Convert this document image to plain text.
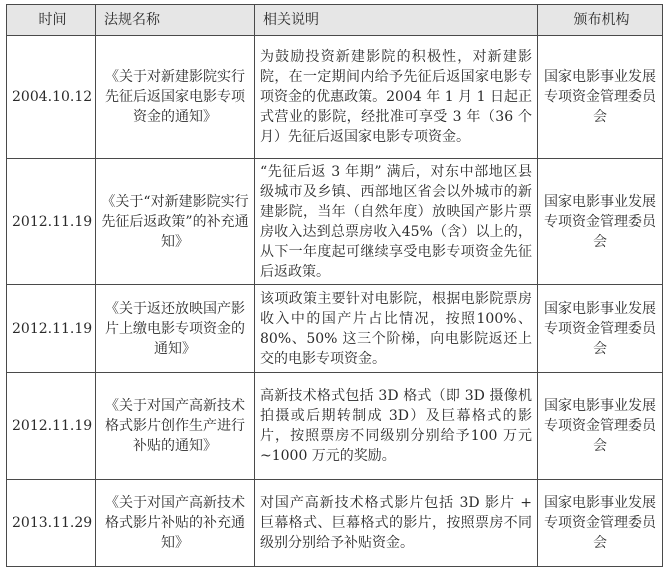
时间	法规名称	相关说明	颁布机构
2004.10.12	《关于对新建影院实行先征后返国家电影专项资金的通知》	为鼓励投资新建影院的积极性，对新建影院，在一定期间内给予先征后返国家电影专项资金的优惠政策。2004 年 1 月 1 日起正式营业的影院，经批准可享受 3 年（36 个月）先征后返国家电影专项资金。	国家电影事业发展专项资金管理委员会
2012.11.19	《关于“对新建影院实行先征后返政策”的补充通知》	“先征后返 3 年期” 满后，对东中部地区县级城市及乡镇、西部地区省会以外城市的新建影院，当年（自然年度）放映国产影片票房收入达到总票房收入45%（含）以上的，从下一年度起可继续享受电影专项资金先征后返政策。	国家电影事业发展专项资金管理委员会
2012.11.19	《关于返还放映国产影片上缴电影专项资金的通知》	该项政策主要针对电影院，根据电影院票房收入中的国产片占比情况，按照100%、80%、50% 这三个阶梯，向电影院返还上交的电影专项资金。	国家电影事业发展专项资金管理委员会
2012.11.19	《关于对国产高新技术格式影片创作生产进行补贴的通知》	高新技术格式包括 3D 格式（即 3D 摄像机拍摄或后期转制成 3D）及巨幕格式的影片，按照票房不同级别分别给予100 万元 ~1000 万元的奖励。	国家电影事业发展专项资金管理委员会
2013.11.29	《关于对国产高新技术格式影片补贴的补充通知》	对国产高新技术格式影片包括 3D 影片 + 巨幕格式、巨幕格式的影片，按照票房不同级别分别给予补贴资金。	国家电影事业发展专项资金管理委员会
